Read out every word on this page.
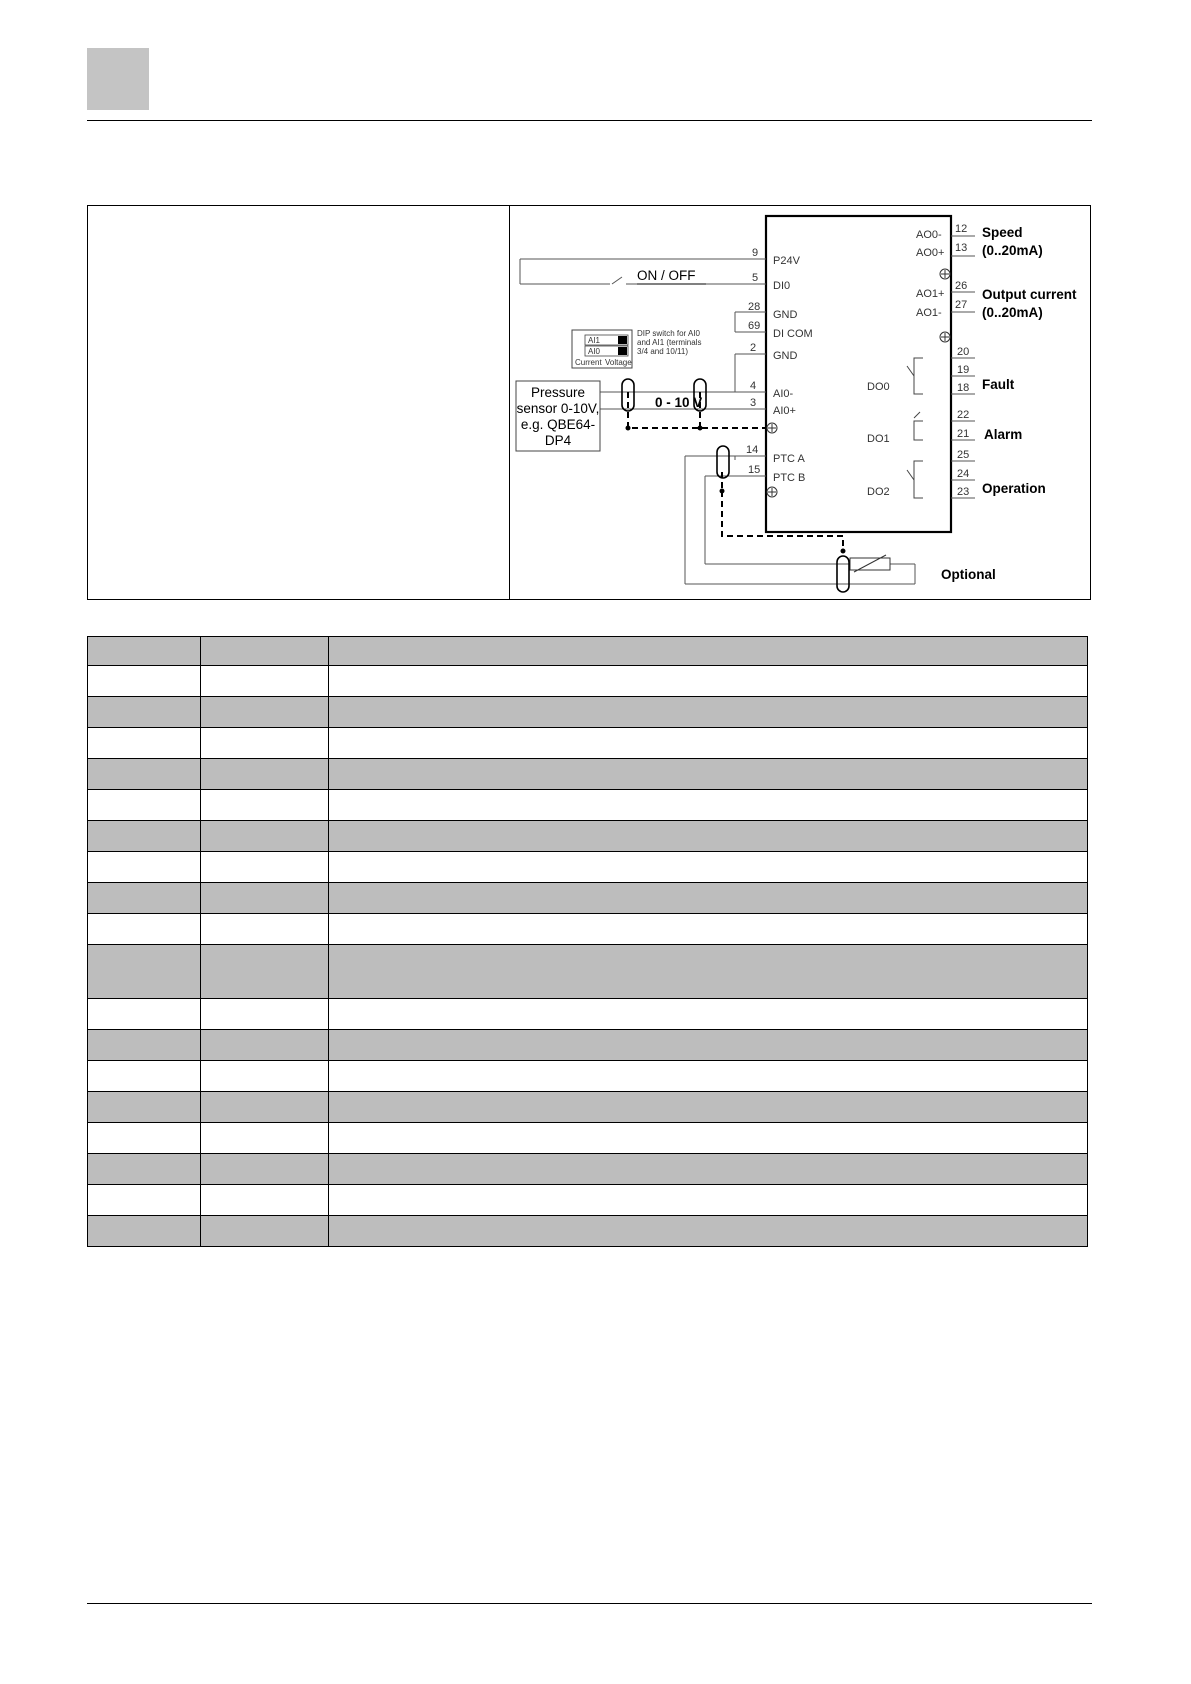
9
P24V
5
DI0
28
GND
69
DI COM
2
GND
4
AI0-
3
AI0+
14
PTC A
15
PTC B
ON / OFF
0 - 10 V
AI1
AI0
Current Voltage
DIP switch for AI0
and AI1 (terminals
3/4 and 10/11)
Pressure
sensor 0-10V,
e.g. QBE64-
DP4
AO0- 12
AO0+ 13
AO1+
26
AO1-
27
20
19
18
22
21
25
24
23
DO0
DO1
DO2
Speed
(0..20mA)
Output current
(0..20mA)
Fault
Alarm
Operation
Optional
